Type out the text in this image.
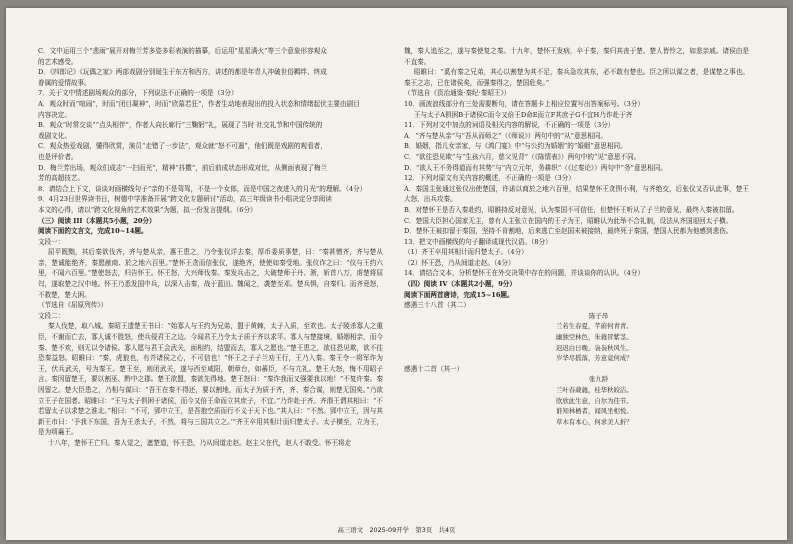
C．文中运用三个“悲雨”展开对梅兰芳多姿多彩表演的描摹，后运用“星星满火”等三个意象形容观众

的艺术感受。

D．《四郎记》《玩偶之家》两部戏剧分别诞生于东方和西方，讲述的都是年青人冲破世俗羁绊、终成

眷属的爱情故事。

7．关于文中情述剧场观众的部分，下列说法不正确的一项是（3分）

A．观众时而“喧闹”，时而“闭目凝神”，时而“欣慕若狂”，作者生动地表现出的投入状态和情绪起伏主要由剧目

内容决定。

B．观众“时常交谈”“点头相伴”，作者人向长廊行“三鞠躬”礼，展现了当时 社交礼节和中国传统的

戏剧文化。

C．观众热爱戏剧，懂得欣赏，演员“走错了一步法”，观众就“怒不可遏”，他们既是戏剧的观看者，

也是评价者。

D．梅兰芳出场，观众们成志“一扫而光”，精神“抖擞”，前后前成状态形成对比，从侧面表现了梅兰

芳的高超技艺。

8．请结合上下文，谈谈对画横线句子“亲的不是驾驾，不是一个女郎，而是中国之夜进入的月光”的理解。（4分）

9．4月23日世界读书日，树德中学准备开展“跨文化专题研讨”活动，高三年级读书小组决定分享阅读

本文的心得，请以“跨文化视角的艺术效果”为题，拟一份发言提纲。（6分）

（三）阅读 III（本题共5小题，20分）

阅读下面的文言文，完成10~14题。

文段一：

屈平既黜，其后秦欲伐齐，齐与楚从亲，惠王患之，乃令张仪详去秦，厚币委质事楚，曰：“秦甚憎齐，齐与楚从亲，楚诚能绝齐，秦愿献商、於之地六百里。”楚怀王贪而信张仪，遂绝齐，使使如秦受地。张仪诈之曰：“仪与王约六里，不闻六百里。”楚使怒去，归告怀王。怀王怒，大兴师伐秦。秦发兵击之，大破楚师于丹、淅，斩首八万，虏楚将屈匄，遂取楚之汉中地。怀王乃悉发国中兵，以深入击秦，战于蓝田。魏闻之，袭楚至邓。楚兵惧，自秦归。而齐竟怒，不救楚，楚大困。

（节选自《屈原列传》）

文段二：

秦人伐楚，取八城。秦昭王遗楚王书曰：“始寡人与王约为兄弟，盟于黄棘，太子入质，至欢也。太子陵杀寡人之重臣，不谢而亡去，寡人诚不胜怒，使兵侵君王之边。今闻君王乃令太子质于齐以求平。寡人与楚接境，婚姻相亲，而今秦、楚不欢，则无以令诸侯。寡人愿与君王会武关，面相约，结盟而去，寡人之愿也。”楚王患之，欲往恐见欺，欲不往恐秦益怒。昭睢曰：“秦，虎狼也，有并诸侯之心，不可信也！”怀王之子子兰劝王行，王乃入秦。秦王令一将军诈为王，伏兵武关，号为秦王。楚王至，则闭武关，遂与西至咸阳，朝章台，如蕃臣，不与亢礼。楚王大怒，悔不用昭子言。秦因留楚王，要以割巫、黔中之郡。楚王欲盟，秦欲先得地。楚王怒曰：“秦诈我而又强要我以地！”不复许秦。秦因留之。楚大臣患之，乃相与谋曰：“吾王在秦不得还，要以割地，而太子为质于齐，齐、秦合谋，则楚无国矣。”乃欲立王子在国者。昭睢曰：“王与太子俱困于诸侯，而今又倍王命而立其庶子，不宜。”乃诈赴于齐。齐湣王谓其相曰：“不若留太子以求楚之淮北。”相曰：“不可，郢中立王，是吾抱空质而行不义于天下也。”其人曰：“不然。郢中立王，因与其新王市曰：‘予我下东国，吾为王杀太子，不然，将与三国共立之。’”齐王卒用其相计而归楚太子。太子横至，立为王，是为顷襄王。

十八年，楚怀王亡归。秦人觉之，遮楚道，怀王恐，乃从间道走赵。赵主父在代，赵人不敢受。怀王将走

魏，秦人追至之，遂与秦使复之秦。十九年，楚怀王发病，卒于秦，秦归其丧于楚。楚人皆怜之，如悲亲戚。诸侯由是不直秦。

昭睢曰：“奚有秦之兄弟，其心以割楚为其不足，秦兵急攻其东，必不敢有楚也。臣之所以谋之者，是谋楚之事也。秦王之志，已在诸侯矣，而强秦得之，楚国危矣。”

（节选自《资治通鉴·秦纪·秦昭王》）

10．画波浪线部分有三处需要断句，请在答题卡上相应位置写出答案标号。（3分）

王与太子A俱困B于诸侯C而今又倍王D命E而立F其庶子G不宜H乃诈赴于齐

11．下列对文中加点的词语及相关内容的解说，不正确的一项是（3分）

A．“齐与楚从亲”与“吾从而师之”（《师说》）两句中的“从”意思相同。

B．婚姻，指儿女亲家，与《鸿门宴》中“与公约为婚姻”的“婚姻”意思相同。

C．“欲往恐见欺”与“生孩六月，慈父见背”（《陈情表》）两句中的“见”意思不同。

D．“欲人王不务得道而有其势”与“内立元年，务耕织”（《过秦论》）两句中“务”意思相同。

12．下列对原文有关内容的概述，不正确的一项是（3分）

A．秦国主张通过张仪出使楚国，许诺以商於之地六百里，结果楚怀王贪图小利，与齐绝交，后张仪又否认此事，楚王大怒，出兵攻秦。

B．对楚怀王是否入秦赴约，昭睢持反对意见，认为秦国不可信任，但楚怀王听从了子兰的意见，最终入秦被扣留。

C．楚国大臣担心国家无主，曾有人主张立在国内的王子为王，昭睢认为此举不合礼制，设法从齐国迎回太子横。

D．楚怀王被扣留于秦国，坚持不肯割地，后来逃亡至赵国未被接纳，最终死于秦国，楚国人民都为他感到悲伤。

13．把文中画横线的句子翻译成现代汉语。（8分）

（1）齐王卒用其相计而归楚太子。（4分）

（2）怀王恐，乃从间道走赵。（4分）

14．请结合文本，分析楚怀王在外交决策中存在的问题，并谈谈你的认识。（4分）

（四）阅读 IV（本题共2小题，9分）

阅读下面两首唐诗，完成15~16题。

感遇三十八首（其二）

陈子昂

兰若生春夏，芊蔚何青青。

幽独空林色，朱蕤冒紫茎。

迟迟白日晚，袅袅秋风生。

岁华尽摇落，芳意竟何成？

感遇十二首（其一）

张九龄

兰叶春葳蕤，桂华秋皎洁。

欣欣此生意，自尔为佳节。

谁知林栖者，闻风坐相悦。

草木有本心，何求美人折？

高三语文　2025-09开学　第3页　共4页
